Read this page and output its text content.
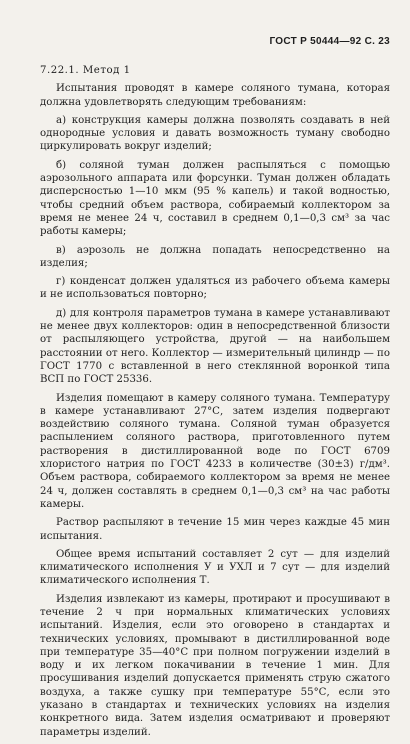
ГОСТ Р 50444—92 С. 23

7.22.1. Метод 1

Испытания проводят в камере соляного тумана, которая должна удовлетворять следующим требованиям:

а) конструкция камеры должна позволять создавать в ней однородные условия и давать возможность туману свободно циркулировать вокруг изделий;

б) соляной туман должен распыляться с помощью аэрозольного аппарата или форсунки. Туман должен обладать дисперсностью 1—10 мкм (95 % капель) и такой водностью, чтобы средний объем раствора, собираемый коллектором за время не менее 24 ч, составил в среднем 0,1—0,3 см³ за час работы камеры;

в) аэрозоль не должна попадать непосредственно на изделия;

г) конденсат должен удаляться из рабочего объема камеры и не использоваться повторно;

д) для контроля параметров тумана в камере устанавливают не менее двух коллекторов: один в непосредственной близости от распыляющего устройства, другой — на наибольшем расстоянии от него. Коллектор — измерительный цилиндр — по ГОСТ 1770 с вставленной в него стеклянной воронкой типа ВСП по ГОСТ 25336.

Изделия помещают в камеру соляного тумана. Температуру в камере устанавливают 27°С, затем изделия подвергают воздействию соляного тумана. Соляной туман образуется распылением соляного раствора, приготовленного путем растворения в дистиллированной воде по ГОСТ 6709 хлористого натрия по ГОСТ 4233 в количестве (30±3) г/дм³. Объем раствора, собираемого коллектором за время не менее 24 ч, должен составлять в среднем 0,1—0,3 см³ на час работы камеры.

Раствор распыляют в течение 15 мин через каждые 45 мин испытания.

Общее время испытаний составляет 2 сут — для изделий климатического исполнения У и УХЛ и 7 сут — для изделий климатического исполнения Т.

Изделия извлекают из камеры, протирают и просушивают в течение 2 ч при нормальных климатических условиях испытаний. Изделия, если это оговорено в стандартах и технических условиях, промывают в дистиллированной воде при температуре 35—40°С при полном погружении изделий в воду и их легком покачивании в течение 1 мин. Для просушивания изделий допускается применять струю сжатого воздуха, а также сушку при температуре 55°С, если это указано в стандартах и технических условиях на изделия конкретного вида. Затем изделия осматривают и проверяют параметры изделий.
